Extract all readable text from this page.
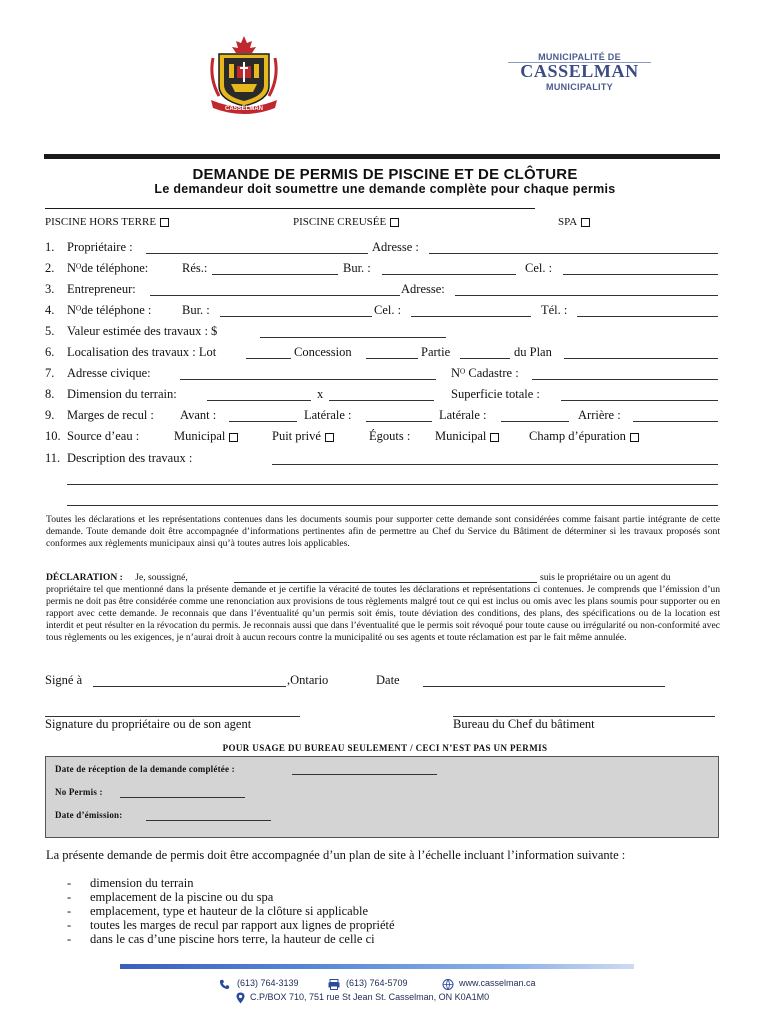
CASSELMAN
MUNICIPALITÉ DE
CASSELMAN
MUNICIPALITY
DEMANDE DE PERMIS DE PISCINE ET DE CLÔTURE
Le demandeur doit soumettre une demande complète pour chaque permis
PISCINE HORS TERRE	PISCINE CREUSÉE	SPA
1. Propriétaire :	Adresse :
2. Nᴼde téléphone:	Rés.:	Bur. :	Cel. :
3. Entrepreneur:	Adresse:
4. Nᴼde téléphone : Bur. :	Cel. :	Tél. :
5. Valeur estimée des travaux : $
6. Localisation des travaux : Lot	Concession	Partie	du Plan
7. Adresse civique:	Nᴼ Cadastre :
8. Dimension du terrain:	x	Superficie totale :
9. Marges de recul : Avant :	Latérale :	Latérale :	Arrière :
10. Source d’eau :	Municipal	Puit privé	Égouts : Municipal	Champ d’épuration
11. Description des travaux :
Toutes les déclarations et les représentations contenues dans les documents soumis pour supporter cette demande sont considérées comme faisant partie intégrante de cette demande. Toute demande doit être accompagnée d’informations pertinentes afin de permettre au Chef du Service du Bâtiment de déterminer si les travaux proposés sont conformes aux règlements municipaux ainsi qu’à toutes autres lois applicables.
DÉCLARATION : Je, soussigné,	suis le propriétaire ou un agent du
propriétaire tel que mentionné dans la présente demande et je certifie la véracité de toutes les déclarations et représentations ci contenues. Je comprends que l’émission d’un permis ne doit pas être considérée comme une renonciation aux provisions de tous règlements malgré tout ce qui est inclus ou omis avec les plans soumis pour supporter ou en rapport avec cette demande. Je reconnais que dans l’éventualité qu’un permis soit émis, toute déviation des conditions, des plans, des spécifications ou de la location est interdit et peut résulter en la révocation du permis. Je reconnais aussi que dans l’éventualité que le permis soit révoqué pour toute cause ou irrégularité ou non-conformité avec tous règlements ou les exigences, je n’aurai droit à aucun recours contre la municipalité ou ses agents et toute réclamation est par le fait même annulée.
Signé à	,Ontario	Date
Signature du propriétaire ou de son agent	Bureau du Chef du bâtiment
POUR USAGE DU BUREAU SEULEMENT / CECI N’EST PAS UN PERMIS
Date de réception de la demande complétée :
No Permis :
Date d’émission:
La présente demande de permis doit être accompagnée d’un plan de site à l’échelle incluant l’information suivante :
- dimension du terrain
- emplacement de la piscine ou du spa
- emplacement, type et hauteur de la clôture si applicable
- toutes les marges de recul par rapport aux lignes de propriété
- dans le cas d’une piscine hors terre, la hauteur de celle ci
(613) 764-3139	(613) 764-5709	www.casselman.ca
C.P/BOX 710, 751 rue St Jean St. Casselman, ON K0A1M0
